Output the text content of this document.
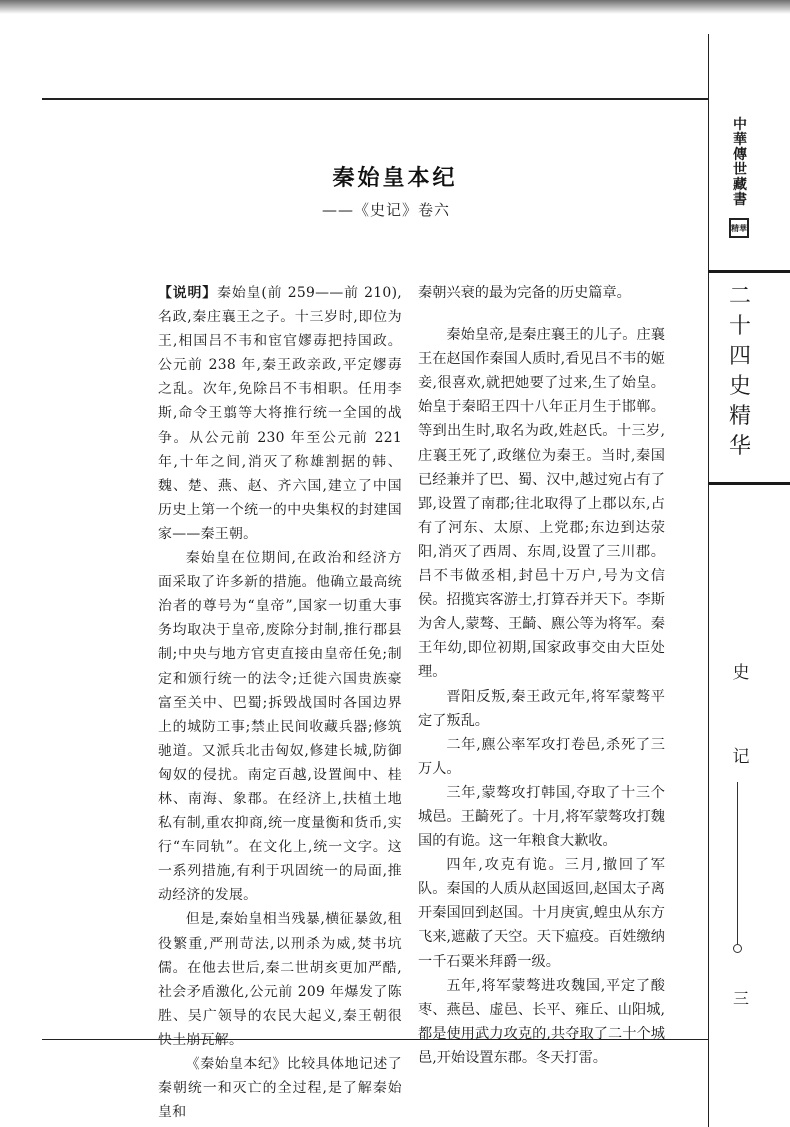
中華傳世藏書
精華
二十四史精华
史
记
三
秦始皇本纪
——《史记》卷六

【说明】秦始皇(前 259——前 210),名政,秦庄襄王之子。十三岁时,即位为王,相国吕不韦和宦官嫪毐把持国政。公元前 238 年,秦王政亲政,平定嫪毐之乱。次年,免除吕不韦相职。任用李斯,命令王翦等大将推行统一全国的战争。从公元前 230 年至公元前 221 年,十年之间,消灭了称雄割据的韩、魏、楚、燕、赵、齐六国,建立了中国历史上第一个统一的中央集权的封建国家——秦王朝。

秦始皇在位期间,在政治和经济方面采取了许多新的措施。他确立最高统治者的尊号为“皇帝”,国家一切重大事务均取决于皇帝,废除分封制,推行郡县制;中央与地方官吏直接由皇帝任免;制定和颁行统一的法令;迁徙六国贵族豪富至关中、巴蜀;拆毁战国时各国边界上的城防工事;禁止民间收藏兵器;修筑驰道。又派兵北击匈奴,修建长城,防御匈奴的侵扰。南定百越,设置闽中、桂林、南海、象郡。在经济上,扶植土地私有制,重农抑商,统一度量衡和货币,实行“车同轨”。在文化上,统一文字。这一系列措施,有利于巩固统一的局面,推动经济的发展。

但是,秦始皇相当残暴,横征暴敛,租役繁重,严刑苛法,以刑杀为威,焚书坑儒。在他去世后,秦二世胡亥更加严酷,社会矛盾激化,公元前 209 年爆发了陈胜、吴广领导的农民大起义,秦王朝很快土崩瓦解。

《秦始皇本纪》比较具体地记述了秦朝统一和灭亡的全过程,是了解秦始皇和

秦朝兴衰的最为完备的历史篇章。

秦始皇帝,是秦庄襄王的儿子。庄襄王在赵国作秦国人质时,看见吕不韦的姬妾,很喜欢,就把她要了过来,生了始皇。始皇于秦昭王四十八年正月生于邯郸。等到出生时,取名为政,姓赵氏。十三岁,庄襄王死了,政继位为秦王。当时,秦国已经兼并了巴、蜀、汉中,越过宛占有了郢,设置了南郡;往北取得了上郡以东,占有了河东、太原、上党郡;东边到达荥阳,消灭了西周、东周,设置了三川郡。吕不韦做丞相,封邑十万户,号为文信侯。招揽宾客游士,打算吞并天下。李斯为舍人,蒙骜、王齮、麃公等为将军。秦王年幼,即位初期,国家政事交由大臣处理。

晋阳反叛,秦王政元年,将军蒙骜平定了叛乱。

二年,麃公率军攻打卷邑,杀死了三万人。

三年,蒙骜攻打韩国,夺取了十三个城邑。王齮死了。十月,将军蒙骜攻打魏国的有诡。这一年粮食大歉收。

四年,攻克有诡。三月,撤回了军队。秦国的人质从赵国返回,赵国太子离开秦国回到赵国。十月庚寅,蝗虫从东方飞来,遮蔽了天空。天下瘟疫。百姓缴纳一千石粟米拜爵一级。

五年,将军蒙骜进攻魏国,平定了酸枣、燕邑、虚邑、长平、雍丘、山阳城,都是使用武力攻克的,共夺取了二十个城邑,开始设置东郡。冬天打雷。
